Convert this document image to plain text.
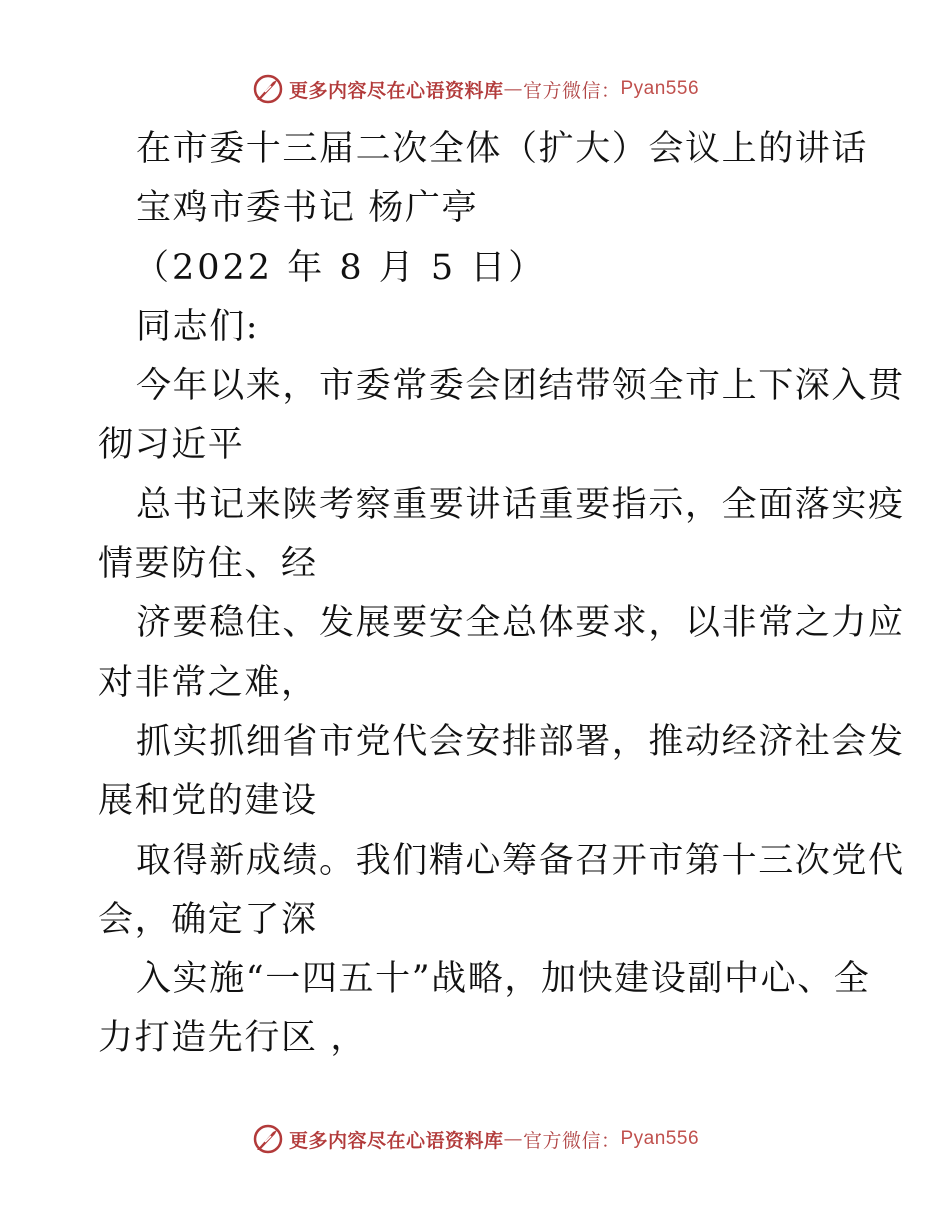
更多内容尽在心语资料库 — 官方微信： Pyan556
在市委十三届二次全体（扩大）会议上的讲话
宝鸡市委书记 杨广亭
（2022 年 8 月 5 日）
同志们:
今年以来，市委常委会团结带领全市上下深入贯
彻习近平
总书记来陕考察重要讲话重要指示，全面落实疫
情要防住、经
济要稳住、发展要安全总体要求，以非常之力应
对非常之难，
抓实抓细省市党代会安排部署，推动经济社会发
展和党的建设
取得新成绩。我们精心筹备召开市第十三次党代
会，确定了深
入实施“一四五十”战略，加快建设副中心、全
力打造先行区 ，
更多内容尽在心语资料库 — 官方微信： Pyan556
